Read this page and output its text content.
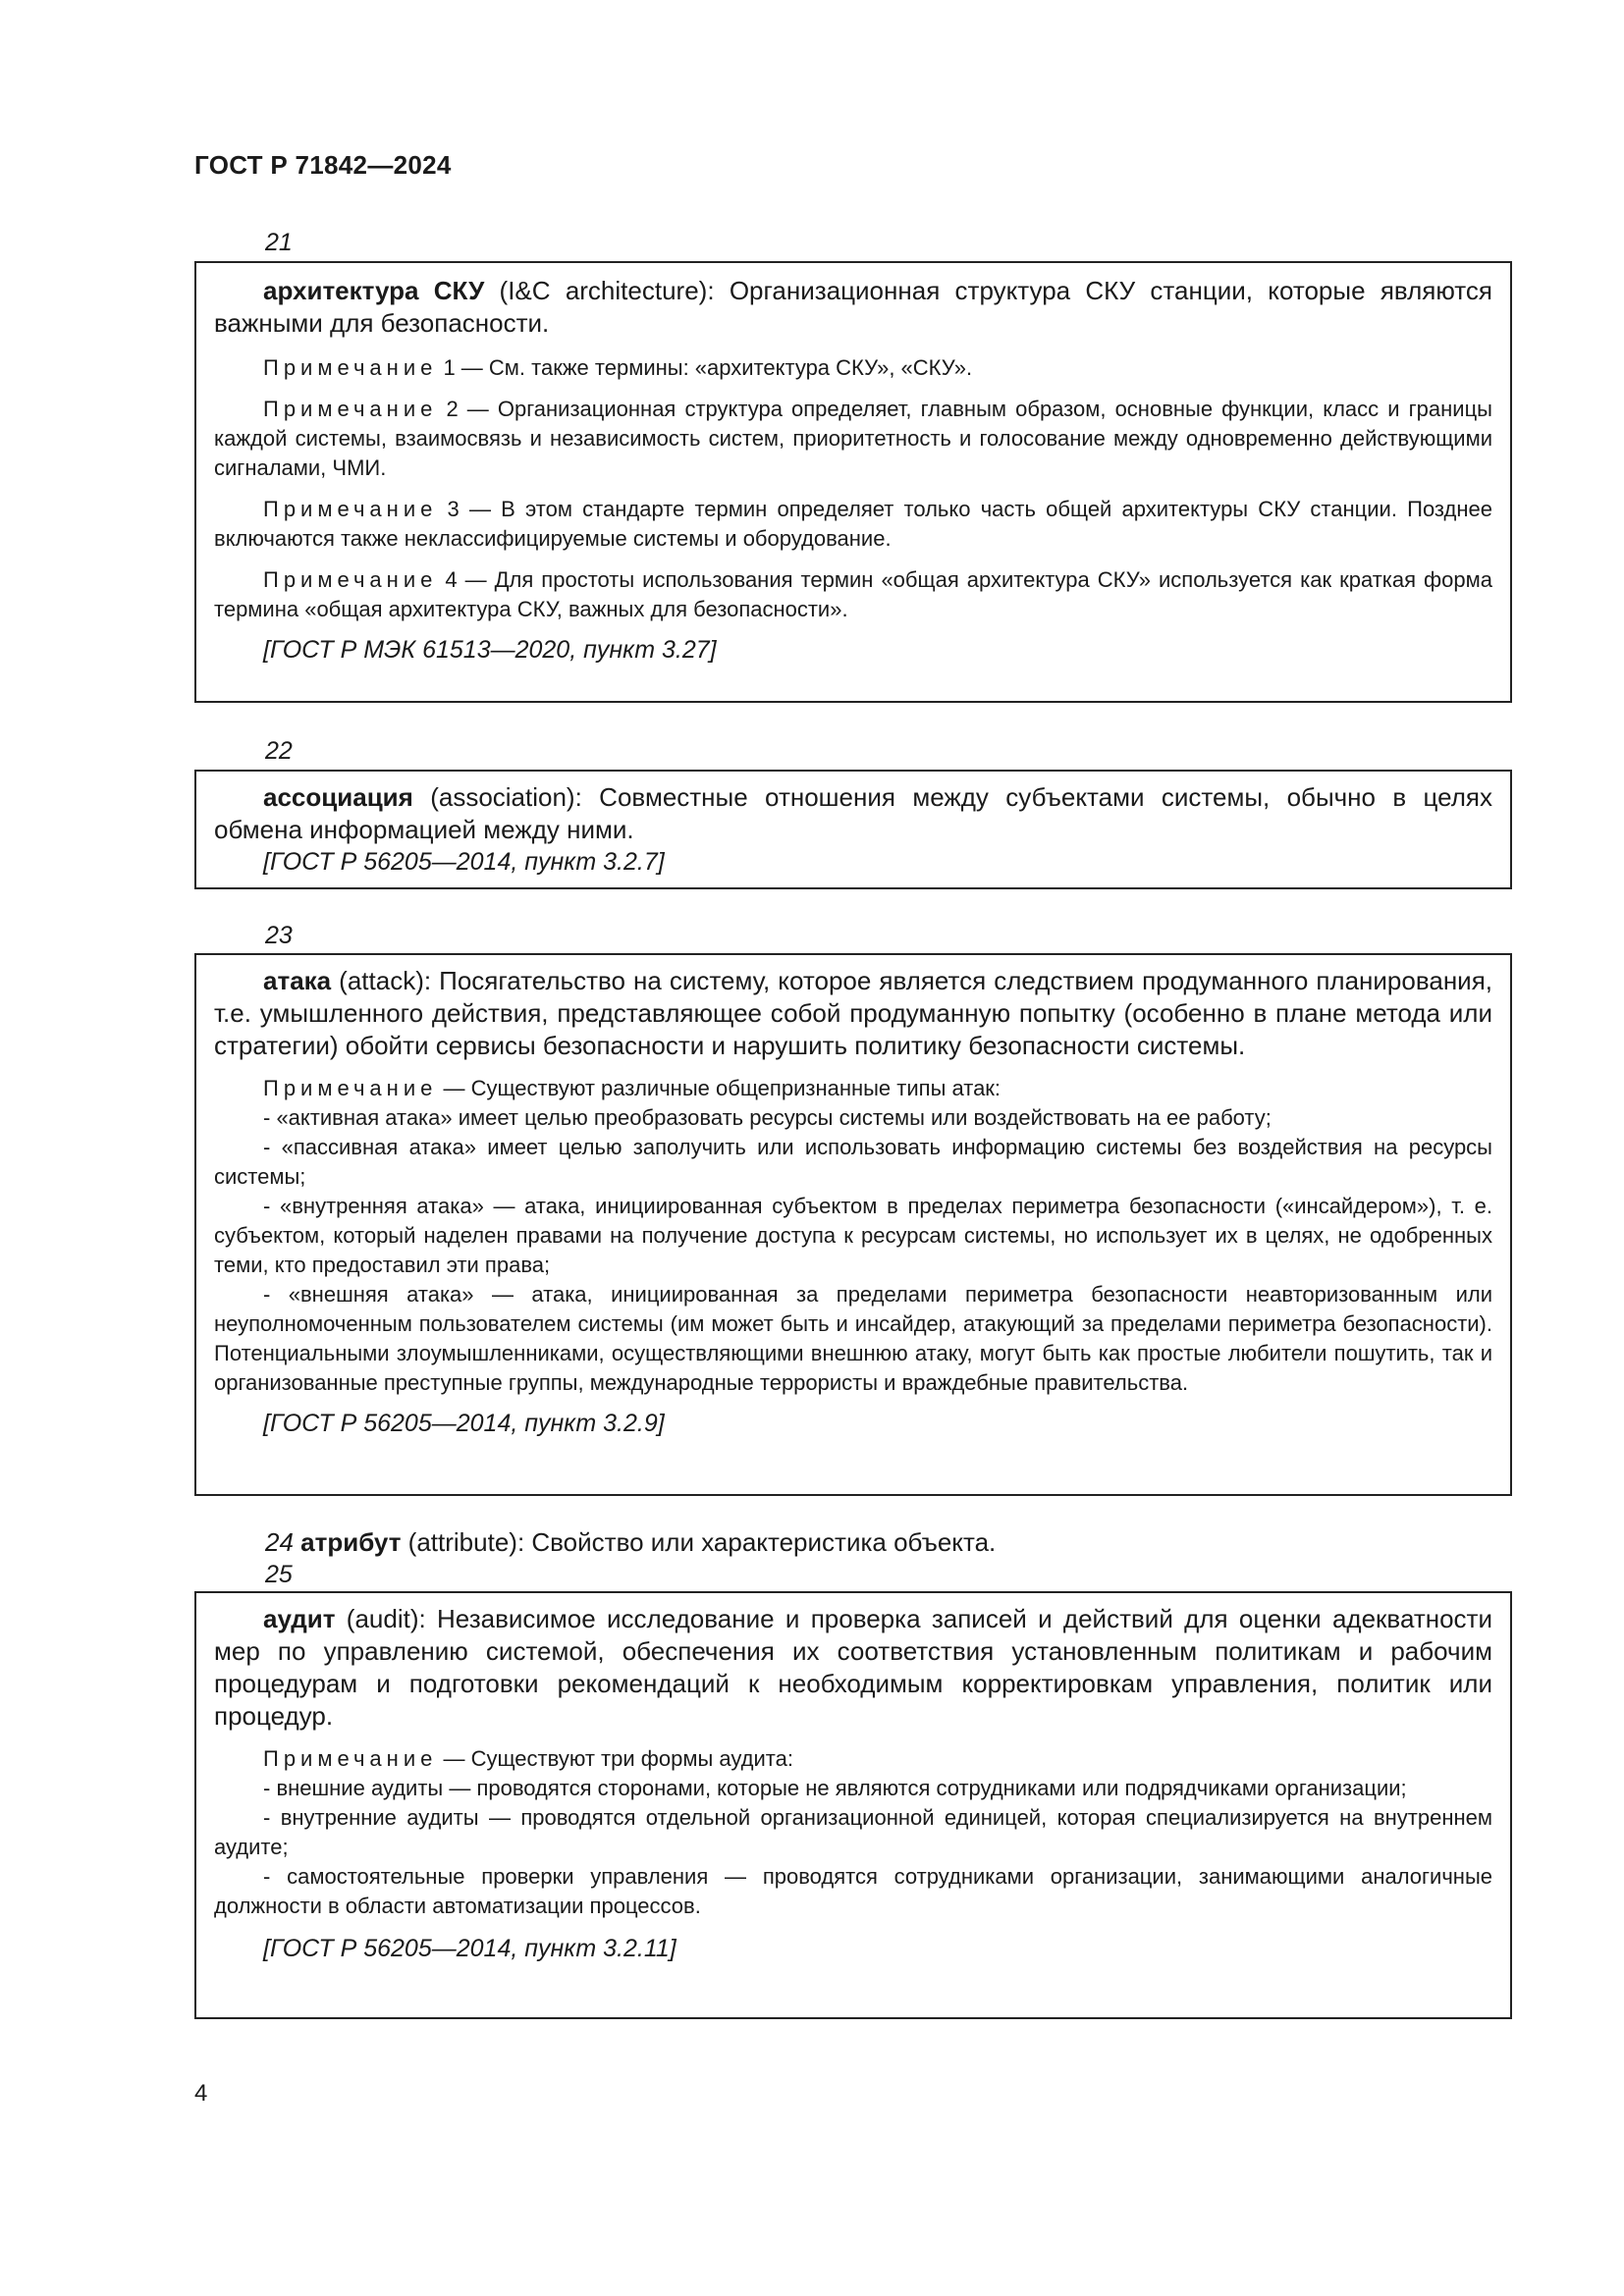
ГОСТ Р 71842—2024
21

архитектура СКУ (I&C architecture): Организационная структура СКУ станции, которые являются важными для безопасности.

Примечание 1 — См. также термины: «архитектура СКУ», «СКУ».

Примечание 2 — Организационная структура определяет, главным образом, основные функции, класс и границы каждой системы, взаимосвязь и независимость систем, приоритетность и голосование между одновременно действующими сигналами, ЧМИ.

Примечание 3 — В этом стандарте термин определяет только часть общей архитектуры СКУ станции. Позднее включаются также неклассифицируемые системы и оборудование.

Примечание 4 — Для простоты использования термин «общая архитектура СКУ» используется как краткая форма термина «общая архитектура СКУ, важных для безопасности».

[ГОСТ Р МЭК 61513—2020, пункт 3.27]

22

ассоциация (association): Совместные отношения между субъектами системы, обычно в целях обмена информацией между ними.

[ГОСТ Р 56205—2014, пункт 3.2.7]

23

атака (attack): Посягательство на систему, которое является следствием продуманного планирования, т.е. умышленного действия, представляющее собой продуманную попытку (особенно в плане метода или стратегии) обойти сервисы безопасности и нарушить политику безопасности системы.

Примечание — Существуют различные общепризнанные типы атак:

- «активная атака» имеет целью преобразовать ресурсы системы или воздействовать на ее работу;

- «пассивная атака» имеет целью заполучить или использовать информацию системы без воздействия на ресурсы системы;

- «внутренняя атака» — атака, инициированная субъектом в пределах периметра безопасности («инсайдером»), т. е. субъектом, который наделен правами на получение доступа к ресурсам системы, но использует их в целях, не одобренных теми, кто предоставил эти права;

- «внешняя атака» — атака, инициированная за пределами периметра безопасности неавторизованным или неуполномоченным пользователем системы (им может быть и инсайдер, атакующий за пределами периметра безопасности). Потенциальными злоумышленниками, осуществляющими внешнюю атаку, могут быть как простые любители пошутить, так и организованные преступные группы, международные террористы и враждебные правительства.

[ГОСТ Р 56205—2014, пункт 3.2.9]

24 атрибут (attribute): Свойство или характеристика объекта.
25

аудит (audit): Независимое исследование и проверка записей и действий для оценки адекватности мер по управлению системой, обеспечения их соответствия установленным политикам и рабочим процедурам и подготовки рекомендаций к необходимым корректировкам управления, политик или процедур.

Примечание — Существуют три формы аудита:

- внешние аудиты — проводятся сторонами, которые не являются сотрудниками или подрядчиками организации;

- внутренние аудиты — проводятся отдельной организационной единицей, которая специализируется на внутреннем аудите;

- самостоятельные проверки управления — проводятся сотрудниками организации, занимающими аналогичные должности в области автоматизации процессов.

[ГОСТ Р 56205—2014, пункт 3.2.11]

4
